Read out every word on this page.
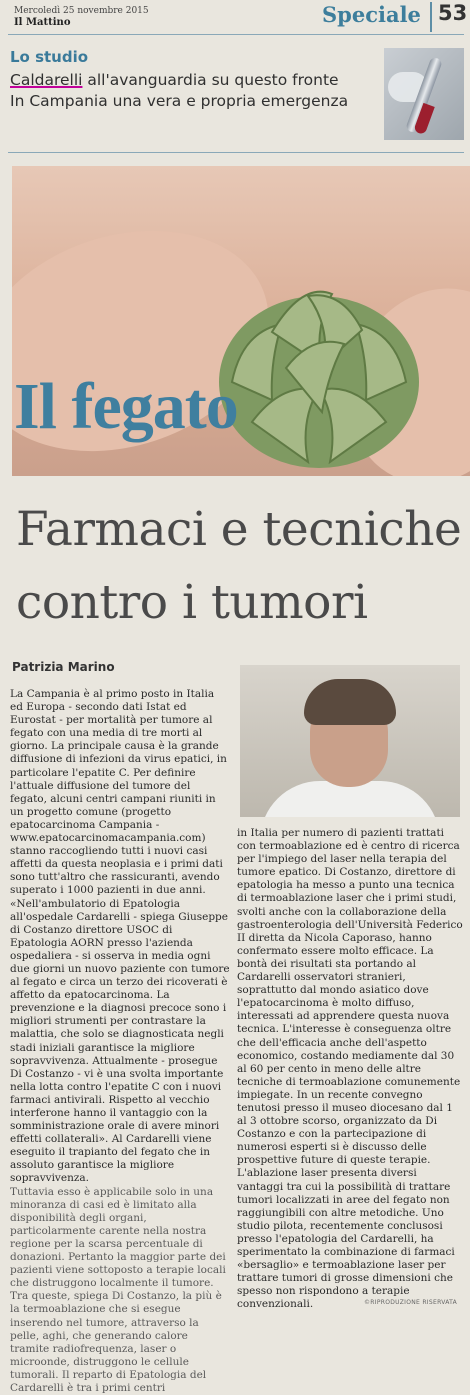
Mercoledì 25 novembre 2015
Il Mattino	Speciale 53
Lo studio
Caldarelli all'avanguardia su questo fronte
In Campania una vera e propria emergenza
Il fegato
Farmaci e tecniche
contro i tumori
Patrizia Marino

La Campania è al primo posto in Italia ed Europa - secondo dati Istat ed Eurostat - per mortalità per tumore al fegato con una media di tre morti al giorno. La principale causa è la grande diffusione di infezioni da virus epatici, in particolare l'epatite C. Per definire l'attuale diffusione del tumore del fegato, alcuni centri campani riuniti in un progetto comune (progetto epatocarcinoma Campania - www.epatocarcinomacampania.com) stanno raccogliendo tutti i nuovi casi affetti da questa neoplasia e i primi dati sono tutt'altro che rassicuranti, avendo superato i 1000 pazienti in due anni. «Nell'ambulatorio di Epatologia all'ospedale Cardarelli - spiega Giuseppe di Costanzo direttore USOC di Epatologia AORN presso l'azienda ospedaliera - si osserva in media ogni due giorni un nuovo paziente con tumore al fegato e circa un terzo dei ricoverati è affetto da epatocarcinoma. La prevenzione e la diagnosi precoce sono i migliori strumenti per contrastare la malattia, che solo se diagnosticata negli stadi iniziali garantisce la migliore sopravvivenza. Attualmente - prosegue Di Costanzo - vi è una svolta importante nella lotta contro l'epatite C con i nuovi farmaci antivirali. Rispetto al vecchio interferone hanno il vantaggio con la somministrazione orale di avere minori effetti collaterali». Al Cardarelli viene eseguito il trapianto del fegato che in assoluto garantisce la migliore sopravvivenza.

Tuttavia esso è applicabile solo in una minoranza di casi ed è limitato alla disponibilità degli organi, particolarmente carente nella nostra regione per la scarsa percentuale di donazioni. Pertanto la maggior parte dei pazienti viene sottoposto a terapie locali che distruggono localmente il tumore. Tra queste, spiega Di Costanzo, la più è la termoablazione che si esegue inserendo nel tumore, attraverso la pelle, aghi, che generando calore tramite radiofrequenza, laser o microonde, distruggono le cellule tumorali. Il reparto di Epatologia del Cardarelli è tra i primi centri

in Italia per numero di pazienti trattati con termoablazione ed è centro di ricerca per l'impiego del laser nella terapia del tumore epatico. Di Costanzo, direttore di epatologia ha messo a punto una tecnica di termoablazione laser che i primi studi, svolti anche con la collaborazione della gastroenterologia dell'Università Federico II diretta da Nicola Caporaso, hanno confermato essere molto efficace. La bontà dei risultati sta portando al Cardarelli osservatori stranieri, soprattutto dal mondo asiatico dove l'epatocarcinoma è molto diffuso, interessati ad apprendere questa nuova tecnica. L'interesse è conseguenza oltre che dell'efficacia anche dell'aspetto economico, costando mediamente dal 30 al 60 per cento in meno delle altre tecniche di termoablazione comunemente impiegate. In un recente convegno tenutosi presso il museo diocesano dal 1 al 3 ottobre scorso, organizzato da Di Costanzo e con la partecipazione di numerosi esperti si è discusso delle prospettive future di queste terapie. L'ablazione laser presenta diversi vantaggi tra cui la possibilità di trattare tumori localizzati in aree del fegato non raggiungibili con altre metodiche. Uno studio pilota, recentemente conclusosi presso l'epatologia del Cardarelli, ha sperimentato la combinazione di farmaci «bersaglio» e termoablazione laser per trattare tumori di grosse dimensioni che spesso non rispondono a terapie convenzionali.	©RIPRODUZIONE RISERVATA
